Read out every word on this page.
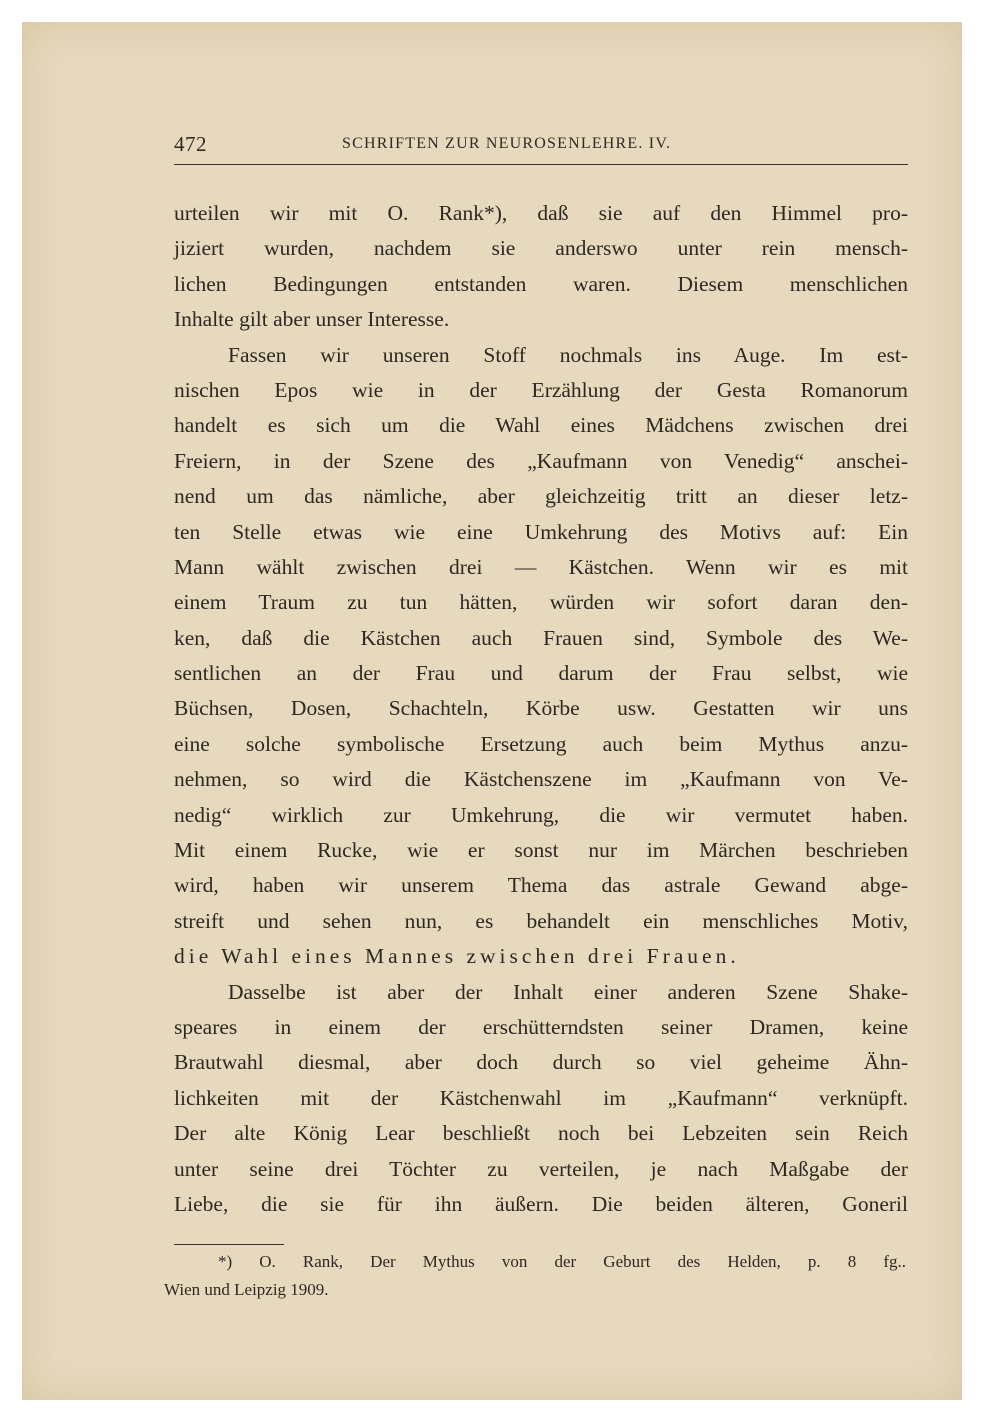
472	SCHRIFTEN ZUR NEUROSENLEHRE. IV.
urteilen wir mit O. Rank*), daß sie auf den Himmel pro-
jiziert wurden, nachdem sie anderswo unter rein mensch-
lichen Bedingungen entstanden waren. Diesem menschlichen
Inhalte gilt aber unser Interesse.
Fassen wir unseren Stoff nochmals ins Auge. Im est-
nischen Epos wie in der Erzählung der Gesta Romanorum
handelt es sich um die Wahl eines Mädchens zwischen drei
Freiern, in der Szene des „Kaufmann von Venedig“ anschei-
nend um das nämliche, aber gleichzeitig tritt an dieser letz-
ten Stelle etwas wie eine Umkehrung des Motivs auf: Ein
Mann wählt zwischen drei — Kästchen. Wenn wir es mit
einem Traum zu tun hätten, würden wir sofort daran den-
ken, daß die Kästchen auch Frauen sind, Symbole des We-
sentlichen an der Frau und darum der Frau selbst, wie
Büchsen, Dosen, Schachteln, Körbe usw. Gestatten wir uns
eine solche symbolische Ersetzung auch beim Mythus anzu-
nehmen, so wird die Kästchenszene im „Kaufmann von Ve-
nedig“ wirklich zur Umkehrung, die wir vermutet haben.
Mit einem Rucke, wie er sonst nur im Märchen beschrieben
wird, haben wir unserem Thema das astrale Gewand abge-
streift und sehen nun, es behandelt ein menschliches Motiv,
die Wahl eines Mannes zwischen drei Frauen.
Dasselbe ist aber der Inhalt einer anderen Szene Shake-
speares in einem der erschütterndsten seiner Dramen, keine
Brautwahl diesmal, aber doch durch so viel geheime Ähn-
lichkeiten mit der Kästchenwahl im „Kaufmann“ verknüpft.
Der alte König Lear beschließt noch bei Lebzeiten sein Reich
unter seine drei Töchter zu verteilen, je nach Maßgabe der
Liebe, die sie für ihn äußern. Die beiden älteren, Goneril
*) O. Rank, Der Mythus von der Geburt des Helden, p. 8 fg..
Wien und Leipzig 1909.
